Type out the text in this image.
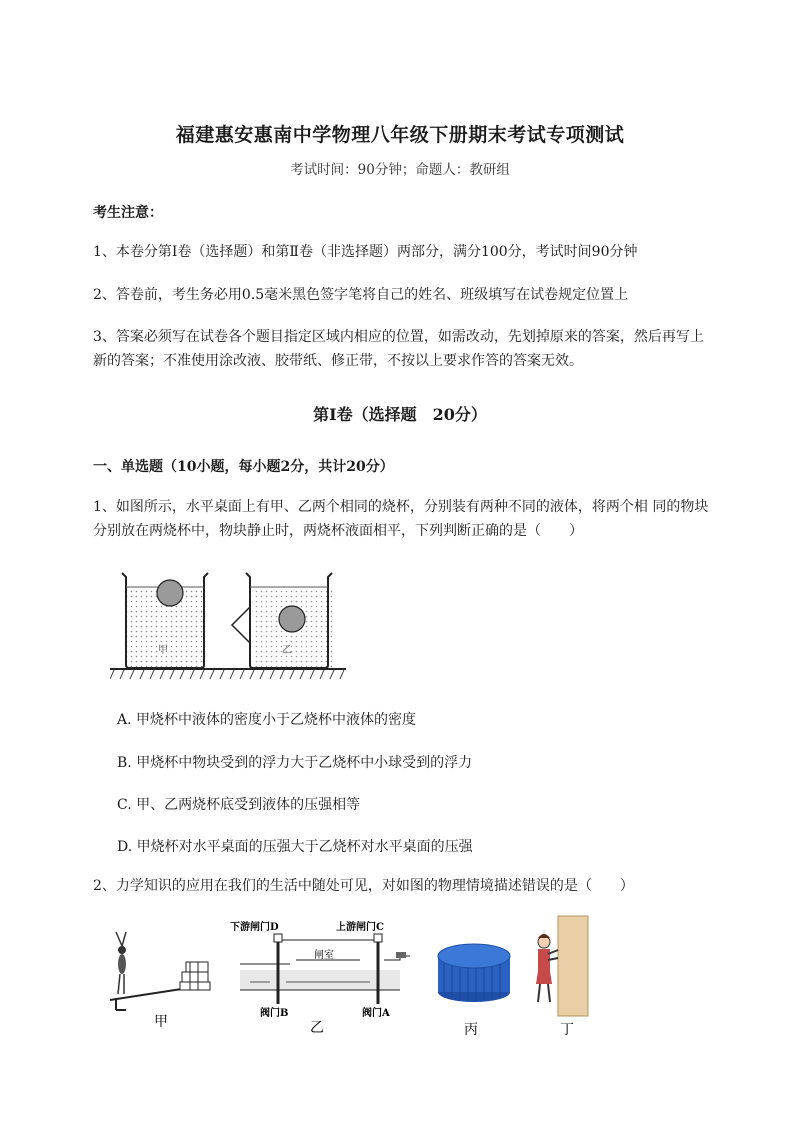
福建惠安惠南中学物理八年级下册期末考试专项测试
考试时间：90分钟；命题人：教研组
考生注意：
1、本卷分第I卷（选择题）和第Ⅱ卷（非选择题）两部分，满分100分，考试时间90分钟
2、答卷前，考生务必用0.5毫米黑色签字笔将自己的姓名、班级填写在试卷规定位置上
3、答案必须写在试卷各个题目指定区域内相应的位置，如需改动，先划掉原来的答案，然后再写上新的答案；不准使用涂改液、胶带纸、修正带，不按以上要求作答的答案无效。
第I卷（选择题　20分）
一、单选题（10小题，每小题2分，共计20分）
1、如图所示，水平桌面上有甲、乙两个相同的烧杯，分别装有两种不同的液体，将两个相 同的物块分别放在两烧杯中，物块静止时，两烧杯液面相平，下列判断正确的是（　　）
甲	乙
A. 甲烧杯中液体的密度小于乙烧杯中液体的密度
B. 甲烧杯中物块受到的浮力大于乙烧杯中小球受到的浮力
C. 甲、乙两烧杯底受到液体的压强相等
D. 甲烧杯对水平桌面的压强大于乙烧杯对水平桌面的压强
2、力学知识的应用在我们的生活中随处可见，对如图的物理情境描述错误的是（　　）
甲
下游闸门D	上游闸门C
闸室
阀门B	阀门A
乙	丙	丁
